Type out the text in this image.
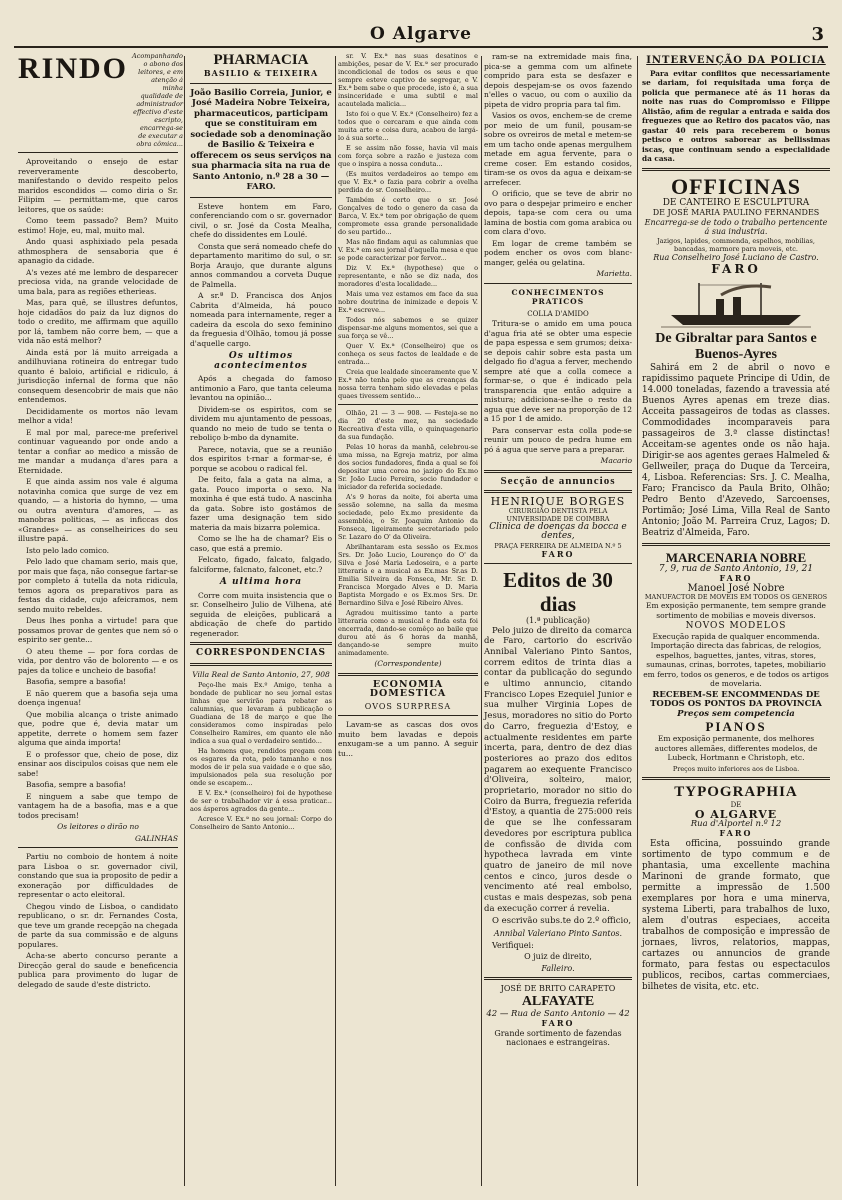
O Algarve	3
RINDO Acompanhando o abono dos leitores, e em atenção á minha qualidade de administrador effectivo d'este escripto, encarrega-se de executar a obra cômica...

Aproveitando o ensejo de estar reververamente descoberto, manifestando o devido respeito pelos maridos escondidos — como diria o Sr. Filipim — permittam-me, que caros leitores, que os saúde:

Como teem passado? Bem? Muito estimo! Hoje, eu, mal, muito mal.

Ando quasi asphixiado pela pesada athmosphera de sensaboria que é apanagio da cidade.

A's vezes até me lembro de desparecer preciosa vida, na grande velocidade de uma bala, para as regiões etherieas.

Mas, para quê, se illustres defuntos, hoje cidadãos do paiz da luz dignos do todo o credito, me affirmam que aquillo por lá, tambem não corre bem, — que a vida não está melhor?

Ainda está por lá muito arreigada a andilhuviana rotineira do entregar tudo quanto é baloio, artificial e ridiculo, á jurisdicção infernal de forma que não consequem desencobrir de mais que não entendemos.

Decididamente os mortos não levam melhor a vida!

E mal por mal, parece-me preferivel continuar vagueando por onde ando a tentar a confiar ao medico a missão de me mandar a mudança d'ares para a Eternidade.

E que ainda assim nos vale é alguma notavinha comica que surge de vez em quando, — a historia do hymno, — uma ou outra aventura d'amores, — as manobras politicas, — as inficcas dos «Grandes» — as conselheirices do seu illustre papá.

Isto pelo lado comico.

Pelo lado que chamam serio, mais que, por mais que faça, não consegue fartar-se por completo á tutella da nota ridicula, temos agora os preparativos para as festas da cidade, cujo afeicramos, nem sendo muito rebeldes.

Deus lhes ponha a virtude! para que possamos provar de gentes que nem só o espirito ser gente...

O ateu theme — por fora cordas de vida, por dentro vão de bolorento — e os pajes da tolice e uncheio de basofia!

Basofia, sempre a basofia!

E não querem que a basofia seja uma doença ingenua!

Que mobilia alcança o triste animado que, podre que é, devia matar um appetite, derrete o homem sem fazer alguma que ainda importa!

E o professor que, cheio de pose, diz ensinar aos discipulos coisas que nem ele sabe!

Basofia, sempre a basofia!

E ninguem a sabe que tempo de vantagem ha de a basofia, mas e a que todos precisam!

Os leitores o dirão no

GALINHAS

Partiu no comboio de hontem á noite para Lisboa o sr. governador civil, constando que sua ia proposito de pedir a exoneração por difficuldades de representar o acto eleitoral.

Chegou vindo de Lisboa, o candidato republicano, o sr. dr. Fernandes Costa, que teve um grande recepção na chegada de parte da sua commissão e de alguns populares.

Acha-se aberto concurso perante a Direcção geral do saude e beneficencia publica para provimento do lugar de delegado de saude d'este districto.

PHARMACIA
BASILIO & TEIXEIRA

João Basilio Correia, Junior, e José Madeira Nobre Teixeira, pharmaceuticos, participam que se constituiram em sociedade sob a denominação de Basilio & Teixeira e offerecem os seus serviços na sua pharmacia sita na rua de Santo Antonio, n.º 28 a 30 — FARO.

Esteve hontem em Faro, conferenciando com o sr. governador civil, o sr. José da Costa Mealha, chefe do dissidentes em Loulé.

Consta que será nomeado chefe do departamento maritimo do sul, o sr. Borja Araujo, que durante alguns annos commandou a corveta Duque de Palmella.

A sr.ª D. Francisca dos Anjos Cabrita d'Almeida, há pouco nomeada para internamente, reger a cadeira da escola do sexo feminino da freguesia d'Olhão, tomou já posse d'aquelle cargo.

Os ultimos acontecimentos

Após a chegada do famoso antimonio a Faro, que tanta celeuma levantou na opinião...

Dividem-se os espiritos, com se dividem mu ajuntamento de pessoas, quando no meio de tudo se tenta o reboliço b-mbo da dynamite.

Parece, notavia, que se a reunião dos espiritos t-rnar a formar-se, é porque se acobou o radical fel.

De feito, fala a gata na alma, a gata. Pouco importa o sexo. Na moxinha é que está tudo. A nascinha da gata. Sobre isto gostámos de fazer uma designação tem sido materia da mais bizarra polemica.

Como se lhe ha de chamar? Eis o caso, que está a premio.

Felcato, figado, falcato, falgado, falciforme, falcnato, falconet, etc.?

A ultima hora

Corre com muita insistencia que o sr. Conselheiro Julio de Vilhena, até seguida de eleições, publicará a abdicação de chefe do partido regenerador.

CORRESPONDENCIAS

Villa Real de Santo Antonio, 27, 908

Peço-lhe mais Ex.º Amigo, tenha a bondade de publicar no seu jornal estas linhas que servirão para rebater as calumnias, que levaram á publicação o Guadiana de 18 de março e que lhe consideramos como inspiradas pelo Conselheiro Ramires, em quanto ele não indica a sua qual o verdadeiro sentido...

Ha homens que, rendidos pregam com os esgares da rota, pelo tamanho e nos modos de ir pela sua vaidade e o que são, impulsionados pela sua resolução por onde se escapem...

E V. Ex.ª (conselheiro) foi de hypothese de ser o trabalhador vir á essa praticar... aos ásperos agrados da gente...

Acresce V. Ex.ª no seu jornal: Corpo do Conselheiro de Santo Antonio...

sr. V. Ex.ª nas suas desatinos e ambições, pesar de V. Ex.ª ser procurado incondicional de todos os seus e que sempre esteve captivo de segregar, e V. Ex.ª bem sabe o que procede, isto é, a sua insinceridade e uma subtil e mal acautelada malicia...

Isto foi o que V. Ex.ª (Conselheiro) fez a todos que o cercaram e que ainda com muita arte e coisa dura, acabou de largá-lo á sua sorte...

E se assim não fosse, havia vil mais com força sobre a razão e justeza com que o inspira a nossa conduta...

(Es muitos verdadeiros ao tempo em que V. Ex.ª o fazia para cobrir a ovelha perdida do sr. Conselheiro...

Também é certo que o sr. José Gonçalves de todo o genero da casa da Barca, V. Ex.ª tem por obrigação de quem compromete essa grande personalidade do seu partido...

Mas não findam aqui as calumnias que V. Ex.ª em seu jornal d'aquella mesa e que se pode caracterizar por fervor...

Diz V. Ex.ª (hypothese) que o representante, e não se diz nada, dos moradores d'esta localidade...

Mais uma vez estamos em face da sua nobre doutrina de inimizade e depois V. Ex.ª escreve...

Todos nós sabemos e se quizer dispensar-me alguns momentos, sei que a sua força se vê...

Quer V. Ex.ª (Conselheiro) que os conheça os seus factos de lealdade e de entrada...

Creia que lealdade sinceramente que V. Ex.ª não tenha pelo que as creanças da nossa terra tenham sido elevadas e pelas quaes tivessem sentido...

Olhão, 21 — 3 — 908. — Festeja-se no dia 20 d'este mez, na sociedade Recreativa d'esta villa, o quinquagenario da sua fundação.

Pelas 10 horas da manhã, celebrou-se uma missa, na Egreja matriz, por alma dos socios fundadores, finda a qual se foi depositar uma coroa no jazigo do Ex.mo Sr. João Lucio Pereira, socio fundador e iniciador da referida sociedade.

A's 9 horas da noite, foi aberta uma sessão solemne, na salla da mesma sociedade, pelo Ex.mo presidente da assembléa, o Sr. Joaquim Antonio da Fonseca, ligeiramente secretariado pelo Sr. Lazaro do O' da Oliveira.

Abrilhantaram esta sessão os Ex.mos Srs. Dr. João Lucio, Lourenço do O' da Silva e José Maria Ledoseira, e a parte litteraria e a musical as Ex.mas Sr.as D. Emilia Silveira da Fonseca, Mr. Sr. D. Francisca Morgado Alves e D. Maria Baptista Morgado e os Ex.mos Srs. Dr. Bernardino Silva e José Ribeiro Alves.

Agradou muitissimo tanto a parte litteraria como a musical e finda esta foi encerrada, dando-se comêço ao baile que durou até ás 6 horas da manhã, dançando-se sempre muito animadamente.

(Correspondente)

ECONOMIA DOMESTICA
OVOS SURPRESA

Lavam-se as cascas dos ovos muito bem lavadas e depois enxugam-se a um panno. A seguir tu...

ram-se na extremidade mais fina, pica-se a gemma com um alfinete comprido para esta se desfazer e depois despejam-se os ovos fazendo n'elles o vacuo, ou com o auxilio da pipeta de vidro propria para tal fim.

Vasios os ovos, enchem-se de creme por meio de um funil, pousam-se sobre os ovreiros de metal e metem-se em um tacho onde apenas mergulhem metade em agua fervente, para o creme coser. Em estando cosidos, tiram-se os ovos da agua e deixam-se arrefecer.

O orificio, que se teve de abrir no ovo para o despejar primeiro e encher depois, tapa-se com cera ou uma lamina de bostia com goma arabica ou com clara d'ovo.

Em logar de creme também se podem encher os ovos com blanc-manger, geléa ou gelatina.

Marietta.

CONHECIMENTOS PRATICOS
COLLA D'AMIDO

Tritura-se o amido em uma pouca d'agua fria até se obter uma especie de papa espessa e sem grumos; deixa-se depois cahir sobre esta pasta um delgado fio d'agua a ferver, mechendo sempre até que a colla comece a formar-se, o que é indicado pela transparencia que então adquire a mistura; addiciona-se-lhe o resto da agua que deve ser na proporção de 12 a 15 por 1 de amido.

Para conservar esta colla pode-se reunir um pouco de pedra hume em pó á agua que serve para a preparar.

Macario

Secção de annuncios
HENRIQUE BORGES
CIRURGIÃO DENTISTA PELA UNIVERSIDADE DE COIMBRA
Clinica de doenças da bocca e dentes,
PRAÇA FERREIRA DE ALMEIDA N.º 5
FARO
Editos de 30 dias
(1.ª publicação)

Pelo juizo de direito da comarca de Faro, cartorio do escrivão Annibal Valeriano Pinto Santos, correm editos de trinta dias a contar da publicação do segundo e ultimo annuncio, citando Francisco Lopes Ezequiel Junior e sua mulher Virginia Lopes de Jesus, moradores no sitio do Porto do Carro, freguezia d'Estoy, e actualmente residentes em parte incerta, para, dentro de dez dias posteriores ao prazo dos editos pagarem ao exequente Francisco d'Oliveira, solteiro, maior, proprietario, morador no sitio do Coiro da Burra, freguezia referida d'Estoy, a quantia de 275:000 reis de que se lhe confessaram devedores por escriptura publica de confissão de divida com hypotheca lavrada em vinte quatro de janeiro de mil nove centos e cinco, juros desde o vencimento até real embolso, custas e mais despezas, sob pena da execução correr á revelia.

O escrivão subs.te do 2.º officio,

Annibal Valeriano Pinto Santos.

Verifiquei:

O juiz de direito,

Falleiro.

JOSÉ DE BRITO CARAPETO
ALFAYATE
42 — Rua de Santo Antonio — 42
FARO
Grande sortimento de fazendas nacionaes e estrangeiras.
INTERVENÇÃO DA POLICIA

Para evitar conflitos que necessariamente se dariam, foi requisitada uma força de policia que permanece até ás 11 horas da noite nas ruas do Compromisso e Filippe Alistão, afim de regular a entrada e saida dos freguezes que ao Retiro dos pacatos vão, nas gastar 40 reis para receberem o bonus petisco e outros saborear as bellissimas iscas, que continuam sendo a especialidade da casa.

OFFICINAS
DE CANTEIRO E ESCULPTURA
DE JOSÉ MARIA PAULINO FERNANDES
Encarrega-se de todo o trabalho pertencente á sua industria.
Jazigos, lapides, commenda, espelhos, mobilias, bancadas, marmore para moveis, etc.
Rua Conselheiro José Luciano de Castro.
FARO
De Gibraltar para Santos e Buenos-Ayres

Sahirá em 2 de abril o novo e rapidissimo paquete Principe di Udin, de 14.000 toneladas, fazendo a travessia até Buenos Ayres apenas em treze dias. Acceita passageiros de todas as classes. Commodidades incomparaveis para passageiros de 3.ª classe distinctas! Acceitam-se agentes onde os não haja. Dirigir-se aos agentes geraes Halmeled & Gellweiler, praça do Duque da Terceira, 4, Lisboa. Referencias: Srs. J. C. Mealha, Faro; Francisco da Paula Brito, Olhão; Pedro Bento d'Azevedo, Sarcoenses, Portimão; José Lima, Villa Real de Santo Antonio; João M. Parreira Cruz, Lagos; D. Beatriz d'Almeida, Faro.

MARCENARIA NOBRE
7, 9, rua de Santo Antonio, 19, 21
FARO
Manoel José Nobre
MANUFACTOR DE MOVEIS EM TODOS OS GENEROS

Em exposição permanente, tem sempre grande sortimento de mobilias e moveis diversos.

NOVOS MODELOS

Execução rapida de qualquer encommenda. Importação directa das fabricas, de relogios, espelhos, baguettes, jantes, vitras, stores, sumaunas, crinas, borrotes, tapetes, mobiliario em ferro, todos os generos, e de todos os artigos de movelaria.

RECEBEM-SE ENCOMMENDAS DE TODOS OS PONTOS DA PROVINCIA
Preços sem competencia
PIANOS

Em exposição permanente, dos melhores auctores allemães, differentes modelos, de Lubeck, Hortmann e Christoph, etc.

Preços muito inferiores aos de Lisboa.
TYPOGRAPHIA
DE
O ALGARVE
Rua d'Alportel n.º 12
FARO

Esta officina, possuindo grande sortimento de typo commum e de phantasia, uma excellente machina Marinoni de grande formato, que permitte a impressão de 1.500 exemplares por hora e uma minerva, systema Liberti, para trabalhos de luxo, alem d'outras especiaes, acceita trabalhos de composição e impressão de jornaes, livros, relatorios, mappas, cartazes ou annuncios de grande formato, para festas ou espectaculos publicos, recibos, cartas commerciaes, bilhetes de visita, etc. etc.
